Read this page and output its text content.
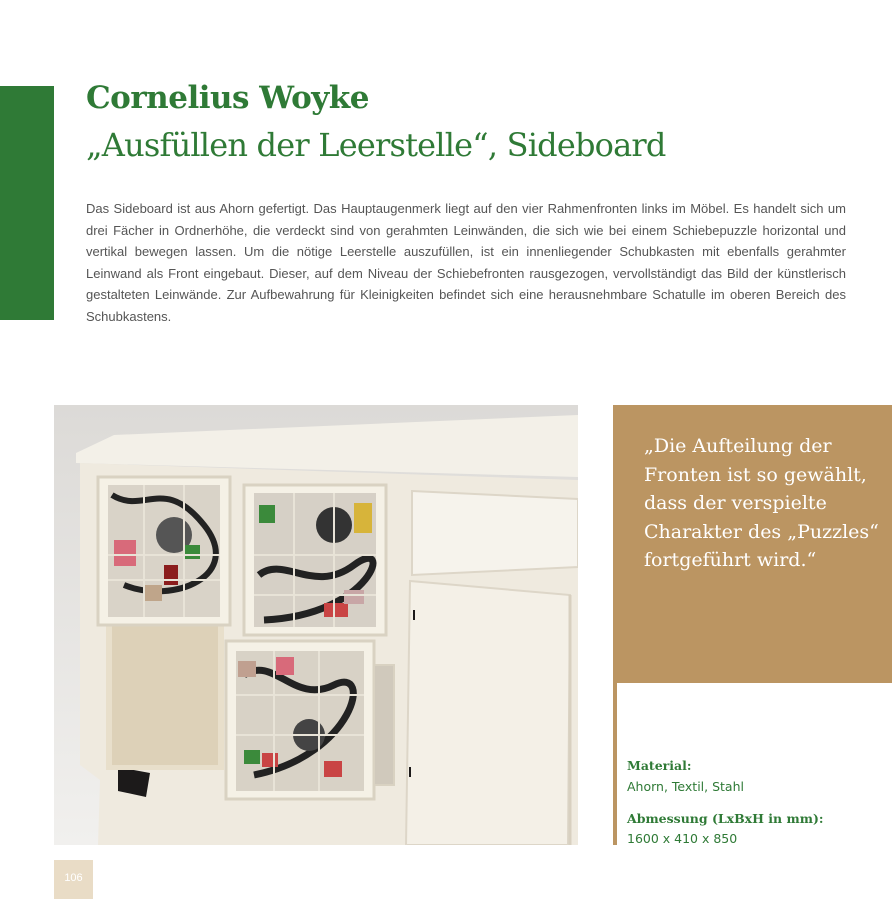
Cornelius Woyke
„Ausfüllen der Leerstelle“, Sideboard

Das Sideboard ist aus Ahorn gefertigt. Das Hauptaugenmerk liegt auf den vier Rahmenfronten links im Möbel. Es handelt sich um drei Fächer in Ordnerhöhe, die verdeckt sind von gerahmten Leinwänden, die sich wie bei einem Schiebepuzzle horizontal und vertikal bewegen lassen. Um die nötige Leerstelle auszufüllen, ist ein innenliegender Schubkasten mit ebenfalls gerahmter Leinwand als Front eingebaut. Dieser, auf dem Niveau der Schiebefronten rausgezogen, vervollständigt das Bild der künstlerisch gestalteten Leinwände. Zur Aufbewahrung für Kleinigkeiten befindet sich eine herausnehmbare Schatulle im oberen Bereich des Schubkastens.

„Die Aufteilung der Fronten ist so gewählt, dass der verspielte Charakter des „Puzzles“ fortgeführt wird.“

Material:

Ahorn, Textil, Stahl

Abmessung (LxBxH in mm):

1600 x 410 x 850

106
